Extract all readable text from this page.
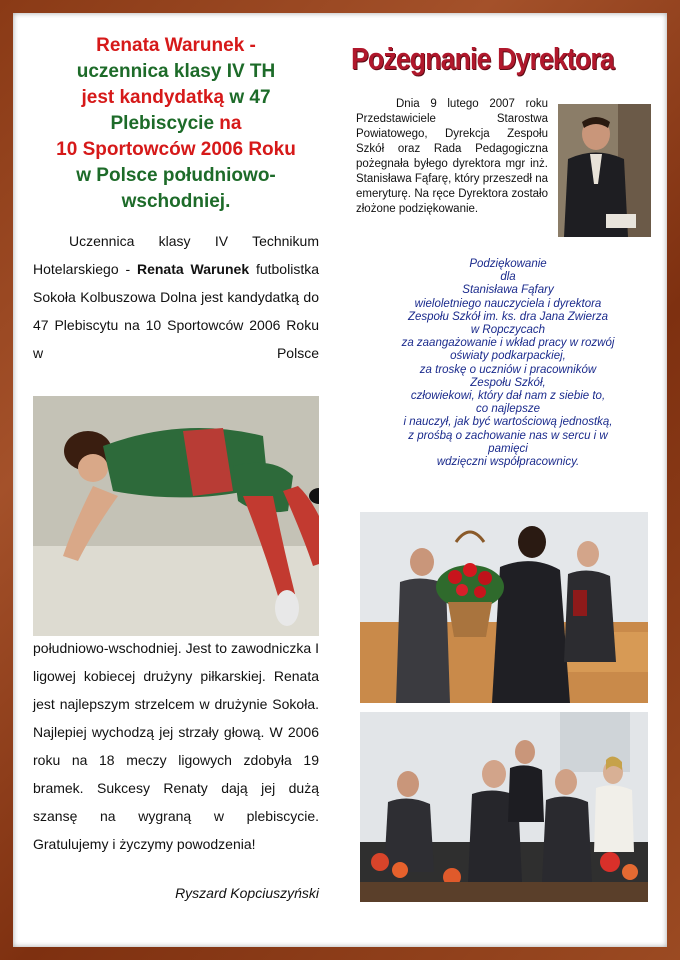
Renata Warunek -
uczennica klasy IV TH
jest kandydatką w 47
Plebiscycie na
10 Sportowców 2006 Roku
w Polsce południowo-
wschodniej.
Uczennica klasy IV Technikum Hotelarskiego - Renata Warunek futbolistka Sokoła Kolbuszowa Dolna jest kandydatką do 47 Plebiscytu na 10 Sportowców 2006 Roku w Polsce
południowo-wschodniej. Jest to zawodniczka I ligowej kobiecej drużyny piłkarskiej. Renata jest najlepszym strzelcem w drużynie Sokoła. Najlepiej wychodzą jej strzały głową. W 2006 roku na 18 meczy ligowych zdobyła 19 bramek. Sukcesy Renaty dają jej dużą szansę na wygraną w plebiscycie.
Gratulujemy i życzymy powodzenia!
Ryszard Kopciuszyński
Pożegnanie Dyrektora
Dnia 9 lutego 2007 roku Przedstawiciele Starostwa Powiatowego, Dyrekcja Zespołu Szkół oraz Rada Pedagogiczna pożegnała byłego dyrektora mgr inż. Stanisława Fąfarę, który przeszedł na emeryturę. Na ręce Dyrektora zostało złożone podziękowanie.
Podziękowanie
dla
Stanisława Fąfary
wieloletniego nauczyciela i dyrektora
Zespołu Szkół im. ks. dra Jana Zwierza
w Ropczycach
za zaangażowanie i wkład pracy w rozwój
oświaty podkarpackiej,
za troskę o uczniów i pracowników
Zespołu Szkół,
człowiekowi, który dał nam z siebie to,
co najlepsze
i nauczył, jak być wartościową jednostką,
z prośbą o zachowanie nas w sercu i w
pamięci
wdzięczni współpracownicy.
